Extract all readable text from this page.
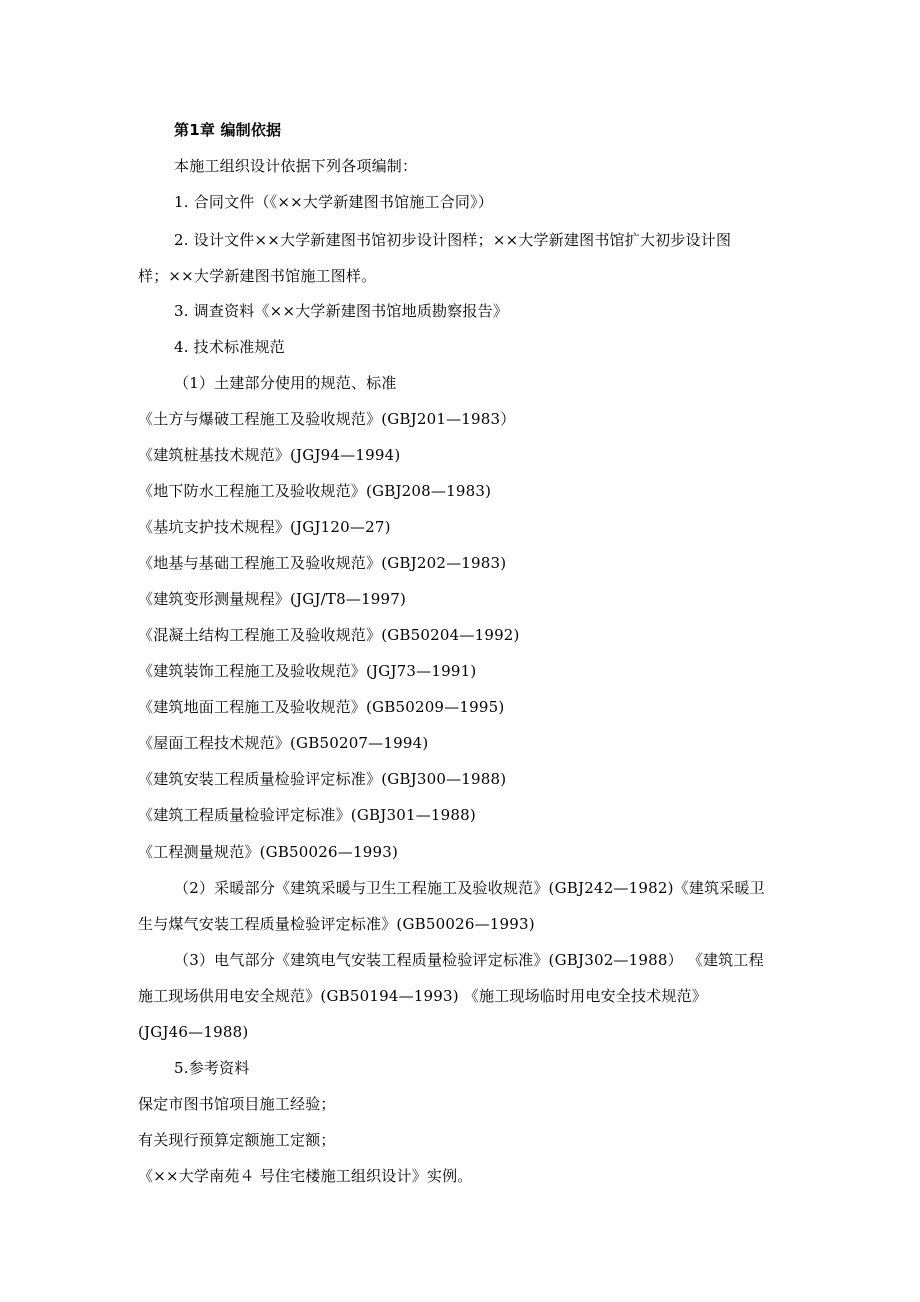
第1章 编制依据
本施工组织设计依据下列各项编制：
1. 合同文件（《××大学新建图书馆施工合同》）
2. 设计文件××大学新建图书馆初步设计图样；××大学新建图书馆扩大初步设计图
样；××大学新建图书馆施工图样。
3. 调查资料《××大学新建图书馆地质勘察报告》
4. 技术标准规范
（1）土建部分使用的规范、标准
《土方与爆破工程施工及验收规范》(GBJ201—1983）
《建筑桩基技术规范》(JGJ94—1994)
《地下防水工程施工及验收规范》(GBJ208—1983)
《基坑支护技术规程》(JGJ120—27)
《地基与基础工程施工及验收规范》(GBJ202—1983)
《建筑变形测量规程》(JGJ/T8—1997)
《混凝土结构工程施工及验收规范》(GB50204—1992)
《建筑装饰工程施工及验收规范》(JGJ73—1991)
《建筑地面工程施工及验收规范》(GB50209—1995)
《屋面工程技术规范》(GB50207—1994)
《建筑安装工程质量检验评定标准》(GBJ300—1988)
《建筑工程质量检验评定标准》(GBJ301—1988)
《工程测量规范》(GB50026—1993)
（2）采暖部分《建筑采暖与卫生工程施工及验收规范》(GBJ242—1982)《建筑采暖卫
生与煤气安装工程质量检验评定标准》(GB50026—1993)
（3）电气部分《建筑电气安装工程质量检验评定标准》(GBJ302—1988） 《建筑工程
施工现场供用电安全规范》(GB50194—1993) 《施工现场临时用电安全技术规范》
(JGJ46—1988)
5.参考资料
保定市图书馆项目施工经验；
有关现行预算定额施工定额；
《××大学南苑４ 号住宅楼施工组织设计》实例。
